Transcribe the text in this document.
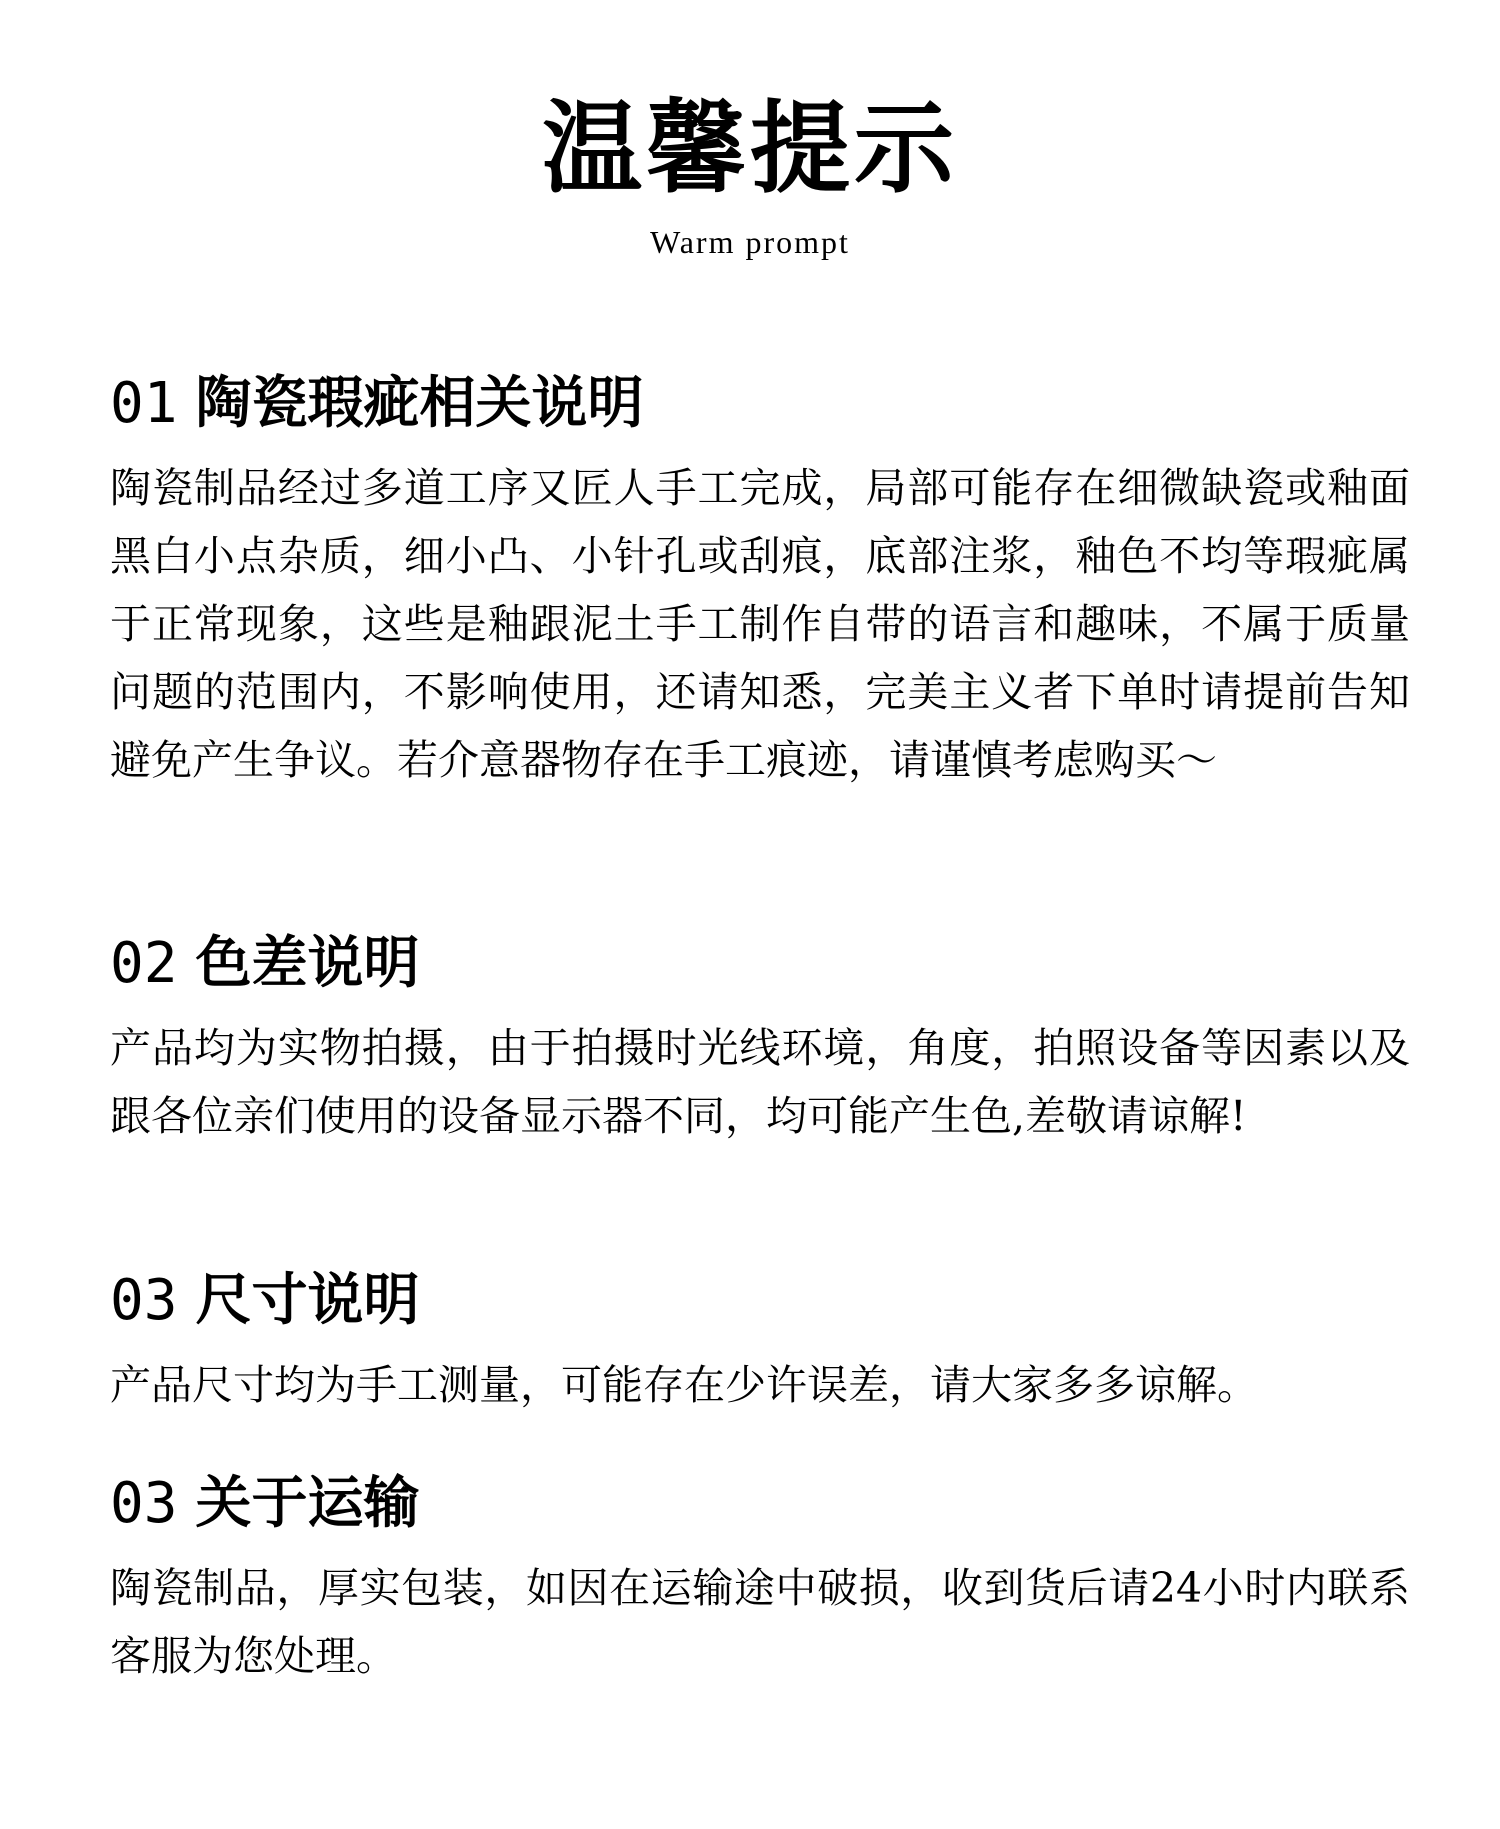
温馨提示
Warm prompt
01 陶瓷瑕疵相关说明

陶瓷制品经过多道工序又匠人手工完成，局部可能存在细微缺瓷或釉面黑白小点杂质，细小凸、小针孔或刮痕，底部注浆，釉色不均等瑕疵属于正常现象，这些是釉跟泥土手工制作自带的语言和趣味，不属于质量问题的范围内，不影响使用，还请知悉，完美主义者下单时请提前告知避免产生争议。若介意器物存在手工痕迹，请谨慎考虑购买～

02 色差说明

产品均为实物拍摄，由于拍摄时光线环境，角度，拍照设备等因素以及跟各位亲们使用的设备显示器不同，均可能产生色,差敬请谅解!

03 尺寸说明

产品尺寸均为手工测量，可能存在少许误差，请大家多多谅解。

03 关于运输

陶瓷制品，厚实包装，如因在运输途中破损，收到货后请24小时内联系客服为您处理。
